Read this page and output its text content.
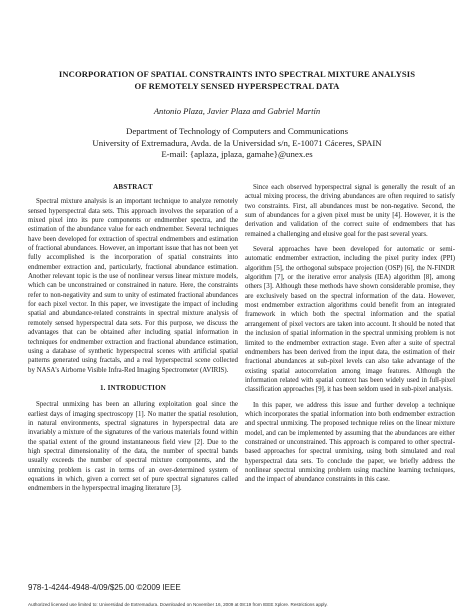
INCORPORATION OF SPATIAL CONSTRAINTS INTO SPECTRAL MIXTURE ANALYSIS
OF REMOTELY SENSED HYPERSPECTRAL DATA
Antonio Plaza, Javier Plaza and Gabriel Martín
Department of Technology of Computers and Communications
University of Extremadura, Avda. de la Universidad s/n, E-10071 Cáceres, SPAIN
E-mail: {aplaza, jplaza, gamahe}@unex.es
ABSTRACT

Spectral mixture analysis is an important technique to analyze remotely sensed hyperspectral data sets. This approach involves the separation of a mixed pixel into its pure components or endmember spectra, and the estimation of the abundance value for each endmember. Several techniques have been developed for extraction of spectral endmembers and estimation of fractional abundances. However, an important issue that has not been yet fully accomplished is the incorporation of spatial constraints into endmember extraction and, particularly, fractional abundance estimation. Another relevant topic is the use of nonlinear versus linear mixture models, which can be unconstrained or constrained in nature. Here, the constraints refer to non-negativity and sum to unity of estimated fractional abundances for each pixel vector. In this paper, we investigate the impact of including spatial and abundance-related constraints in spectral mixture analysis of remotely sensed hyperspectral data sets. For this purpose, we discuss the advantages that can be obtained after including spatial information in techniques for endmember extraction and fractional abundance estimation, using a database of synthetic hyperspectral scenes with artificial spatial patterns generated using fractals, and a real hyperspectral scene collected by NASA's Airborne Visible Infra-Red Imaging Spectrometer (AVIRIS).

1. INTRODUCTION

Spectral unmixing has been an alluring exploitation goal since the earliest days of imaging spectroscopy [1]. No matter the spatial resolution, in natural environments, spectral signatures in hyperspectral data are invariably a mixture of the signatures of the various materials found within the spatial extent of the ground instantaneous field view [2]. Due to the high spectral dimensionality of the data, the number of spectral bands usually exceeds the number of spectral mixture components, and the unmixing problem is cast in terms of an over-determined system of equations in which, given a correct set of pure spectral signatures called endmembers in the hyperspectral imaging literature [3].

Since each observed hyperspectral signal is generally the result of an actual mixing process, the driving abundances are often required to satisfy two constraints. First, all abundances must be non-negative. Second, the sum of abundances for a given pixel must be unity [4]. However, it is the derivation and validation of the correct suite of endmembers that has remained a challenging and elusive goal for the past several years.

Several approaches have been developed for automatic or semi-automatic endmember extraction, including the pixel purity index (PPI) algorithm [5], the orthogonal subspace projection (OSP) [6], the N-FINDR algorithm [7], or the iterative error analysis (IEA) algorithm [8], among others [3]. Although these methods have shown considerable promise, they are exclusively based on the spectral information of the data. However, most endmember extraction algorithms could benefit from an integrated framework in which both the spectral information and the spatial arrangement of pixel vectors are taken into account. It should be noted that the inclusion of spatial information in the spectral unmixing problem is not limited to the endmember extraction stage. Even after a suite of spectral endmembers has been derived from the input data, the estimation of their fractional abundances at sub-pixel levels can also take advantage of the existing spatial autocorrelation among image features. Although the information related with spatial context has been widely used in full-pixel classification approaches [9], it has been seldom used in sub-pixel analysis.

In this paper, we address this issue and further develop a technique which incorporates the spatial information into both endmember extraction and spectral unmixing. The proposed technique relies on the linear mixture model, and can be implemented by assuming that the abundances are either constrained or unconstrained. This approach is compared to other spectral-based approaches for spectral unmixing, using both simulated and real hyperspectral data sets. To conclude the paper, we briefly address the nonlinear spectral unmixing problem using machine learning techniques, and the impact of abundance constraints in this case.

978-1-4244-4948-4/09/$25.00 ©2009 IEEE
Authorized licensed use limited to: Universidad de Extremadura. Downloaded on November 16, 2009 at 08:19 from IEEE Xplore. Restrictions apply.
